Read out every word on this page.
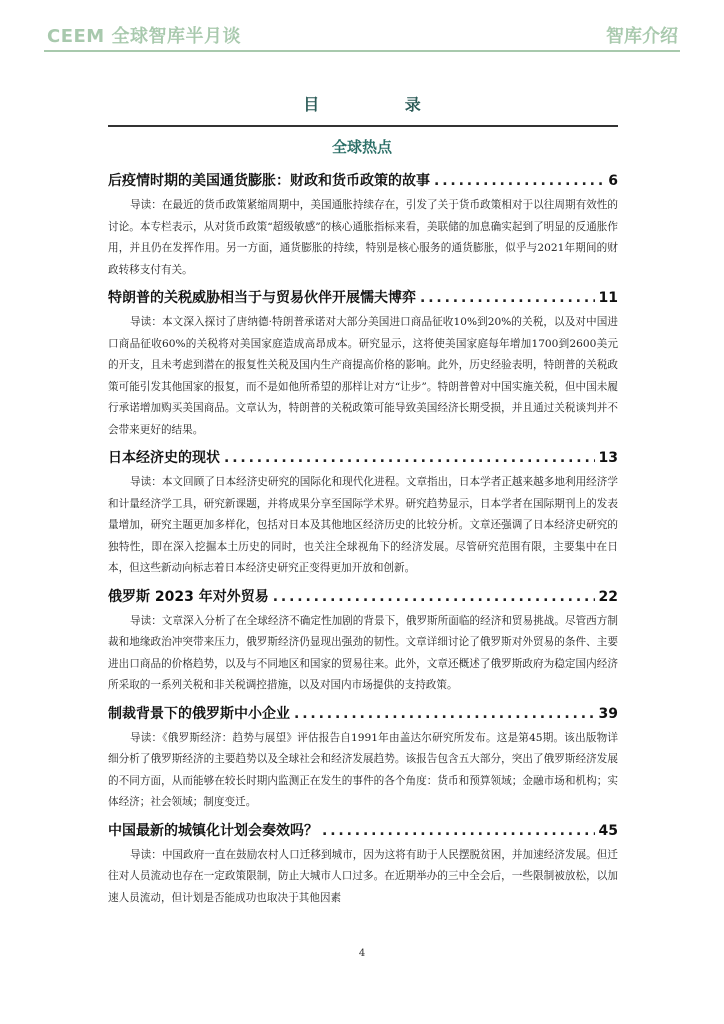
CEEM 全球智库半月谈	智库介绍
目 录
全球热点
后疫情时期的美国通货膨胀：财政和货币政策的故事 . . .	6
导读：在最近的货币政策紧缩周期中，美国通胀持续存在，引发了关于货币政策相对于以往周期有效性的讨论。本专栏表示，从对货币政策“超级敏感”的核心通胀指标来看，美联储的加息确实起到了明显的反通胀作用，并且仍在发挥作用。另一方面，通货膨胀的持续，特别是核心服务的通货膨胀，似乎与2021年期间的财政转移支付有关。
特朗普的关税威胁相当于与贸易伙伴开展懦夫博弈 . . .	11
导读：本文深入探讨了唐纳德·特朗普承诺对大部分美国进口商品征收10%到20%的关税，以及对中国进口商品征收60%的关税将对美国家庭造成高昂成本。研究显示，这将使美国家庭每年增加1700到2600美元的开支，且未考虑到潜在的报复性关税及国内生产商提高价格的影响。此外，历史经验表明，特朗普的关税政策可能引发其他国家的报复，而不是如他所希望的那样让对方“让步”。特朗普曾对中国实施关税，但中国未履行承诺增加购买美国商品。文章认为，特朗普的关税政策可能导致美国经济长期受损，并且通过关税谈判并不会带来更好的结果。
日本经济史的现状 . . .	13
导读：本文回顾了日本经济史研究的国际化和现代化进程。文章指出，日本学者正越来越多地利用经济学和计量经济学工具，研究新课题，并将成果分享至国际学术界。研究趋势显示，日本学者在国际期刊上的发表量增加，研究主题更加多样化，包括对日本及其他地区经济历史的比较分析。文章还强调了日本经济史研究的独特性，即在深入挖掘本土历史的同时，也关注全球视角下的经济发展。尽管研究范围有限，主要集中在日本，但这些新动向标志着日本经济史研究正变得更加开放和创新。
俄罗斯 2023 年对外贸易 . . .	22
导读：文章深入分析了在全球经济不确定性加剧的背景下，俄罗斯所面临的经济和贸易挑战。尽管西方制裁和地缘政治冲突带来压力，俄罗斯经济仍显现出强劲的韧性。文章详细讨论了俄罗斯对外贸易的条件、主要进出口商品的价格趋势，以及与不同地区和国家的贸易往来。此外，文章还概述了俄罗斯政府为稳定国内经济所采取的一系列关税和非关税调控措施，以及对国内市场提供的支持政策。
制裁背景下的俄罗斯中小企业 . . .	39
导读：《俄罗斯经济：趋势与展望》评估报告自1991年由盖达尔研究所发布。这是第45期。该出版物详细分析了俄罗斯经济的主要趋势以及全球社会和经济发展趋势。该报告包含五大部分，突出了俄罗斯经济发展的不同方面，从而能够在较长时期内监测正在发生的事件的各个角度：货币和预算领域；金融市场和机构；实体经济；社会领域；制度变迁。
中国最新的城镇化计划会奏效吗？ . . .	45
导读：中国政府一直在鼓励农村人口迁移到城市，因为这将有助于人民摆脱贫困，并加速经济发展。但迁往对人员流动也存在一定政策限制，防止大城市人口过多。在近期举办的三中全会后，一些限制被放松，以加速人员流动，但计划是否能成功也取决于其他因素
4
